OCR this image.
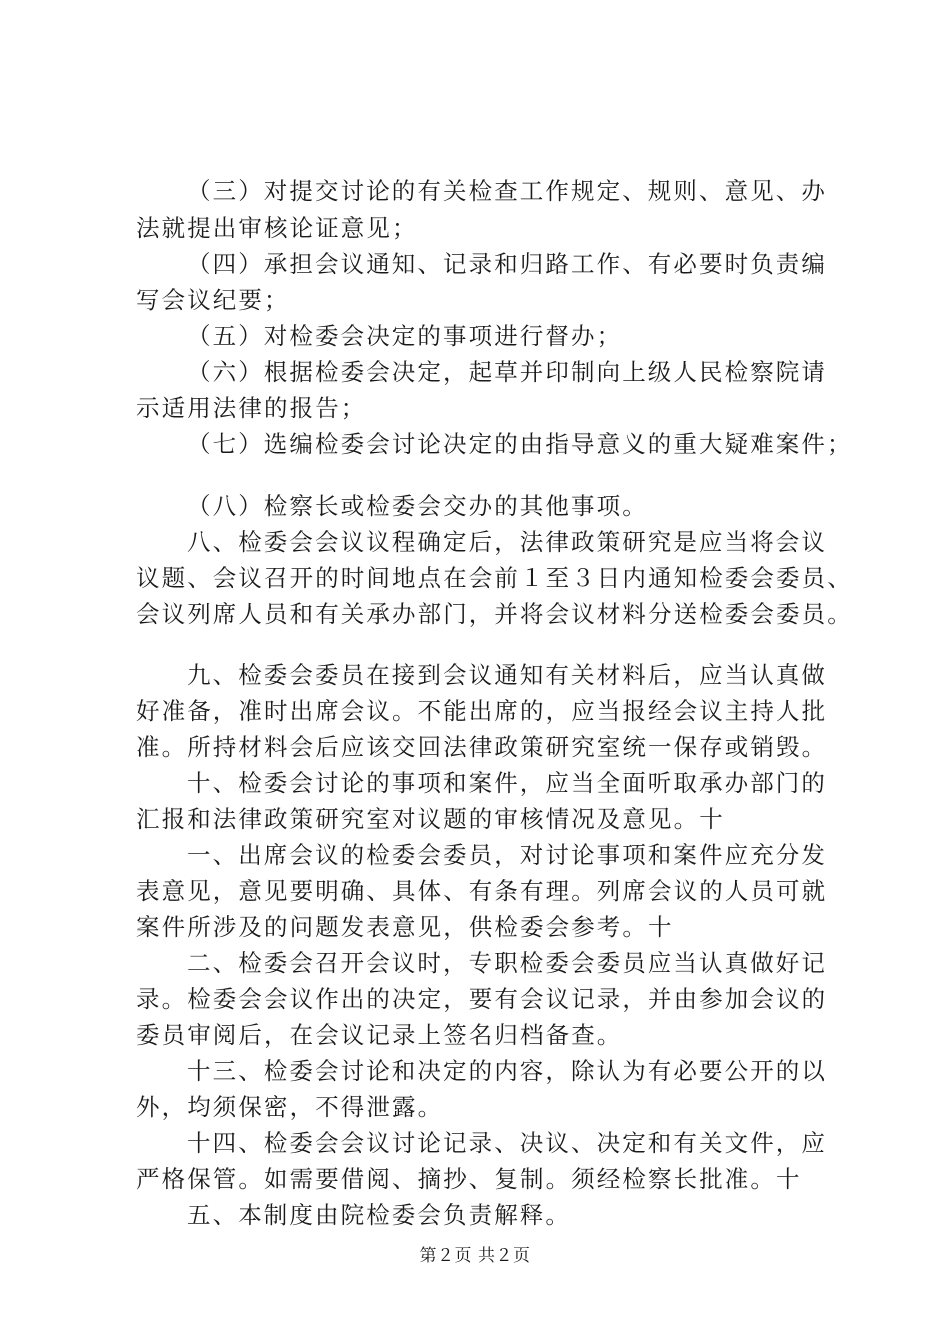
（三）对提交讨论的有关检查工作规定、规则、意见、办
法就提出审核论证意见；
（四）承担会议通知、记录和归路工作、有必要时负责编
写会议纪要；
（五）对检委会决定的事项进行督办；
（六）根据检委会决定，起草并印制向上级人民检察院请
示适用法律的报告；
（七）选编检委会讨论决定的由指导意义的重大疑难案件；
（八）检察长或检委会交办的其他事项。
八、检委会会议议程确定后，法律政策研究是应当将会议
议题、会议召开的时间地点在会前１至３日内通知检委会委员、
会议列席人员和有关承办部门，并将会议材料分送检委会委员。
九、检委会委员在接到会议通知有关材料后，应当认真做
好准备，准时出席会议。不能出席的，应当报经会议主持人批
准。所持材料会后应该交回法律政策研究室统一保存或销毁。
十、检委会讨论的事项和案件，应当全面听取承办部门的
汇报和法律政策研究室对议题的审核情况及意见。十
一、出席会议的检委会委员，对讨论事项和案件应充分发
表意见，意见要明确、具体、有条有理。列席会议的人员可就
案件所涉及的问题发表意见，供检委会参考。十
二、检委会召开会议时，专职检委会委员应当认真做好记
录。检委会会议作出的决定，要有会议记录，并由参加会议的
委员审阅后，在会议记录上签名归档备查。
十三、检委会讨论和决定的内容，除认为有必要公开的以
外，均须保密，不得泄露。
十四、检委会会议讨论记录、决议、决定和有关文件，应
严格保管。如需要借阅、摘抄、复制。须经检察长批准。十
五、本制度由院检委会负责解释。
第２页 共２页
